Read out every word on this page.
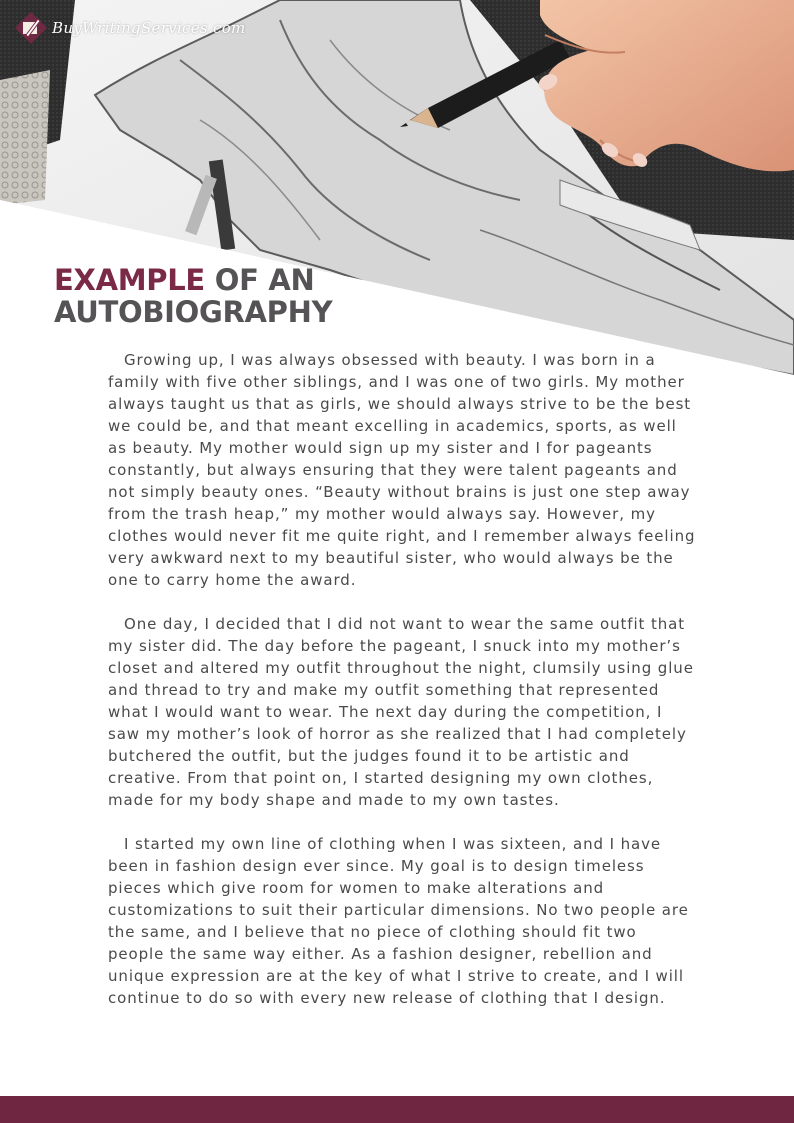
BuyWritingServices.com
EXAMPLE OF AN
AUTOBIOGRAPHY

Growing up, I was always obsessed with beauty. I was born in a family with five other siblings, and I was one of two girls. My mother always taught us that as girls, we should always strive to be the best we could be, and that meant excelling in academics, sports, as well as beauty. My mother would sign up my sister and I for pageants constantly, but always ensuring that they were talent pageants and not simply beauty ones. “Beauty without brains is just one step away from the trash heap,” my mother would always say. However, my clothes would never fit me quite right, and I remember always feeling very awkward next to my beautiful sister, who would always be the one to carry home the award.

One day, I decided that I did not want to wear the same outfit that my sister did. The day before the pageant, I snuck into my mother’s closet and altered my outfit throughout the night, clumsily using glue and thread to try and make my outfit something that represented what I would want to wear. The next day during the competition, I saw my mother’s look of horror as she realized that I had completely butchered the outfit, but the judges found it to be artistic and creative. From that point on, I started designing my own clothes, made for my body shape and made to my own tastes.

I started my own line of clothing when I was sixteen, and I have been in fashion design ever since. My goal is to design timeless pieces which give room for women to make alterations and customizations to suit their particular dimensions. No two people are the same, and I believe that no piece of clothing should fit two people the same way either. As a fashion designer, rebellion and unique expression are at the key of what I strive to create, and I will continue to do so with every new release of clothing that I design.
